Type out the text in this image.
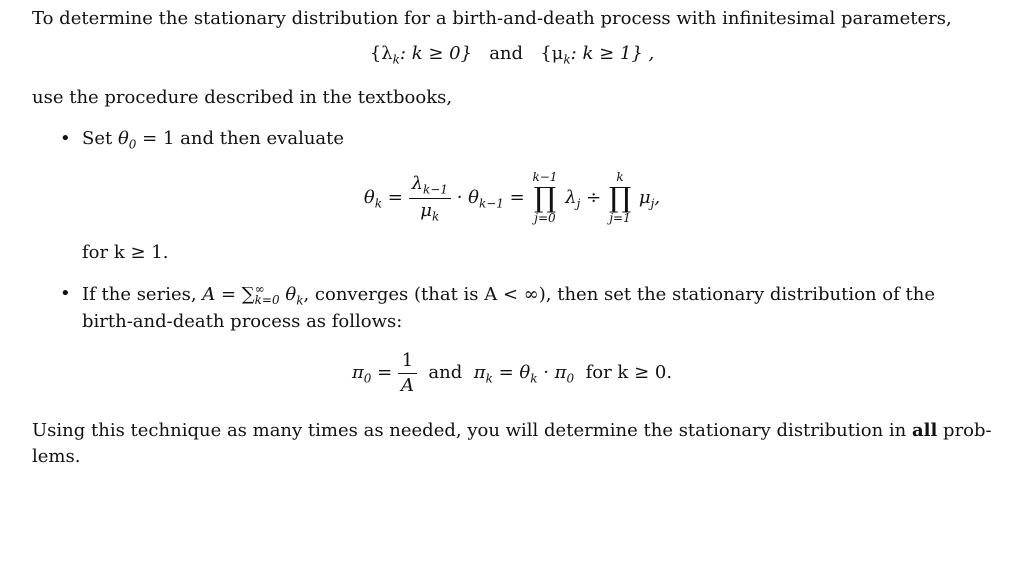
To determine the stationary distribution for a birth-and-death process with infinitesimal parameters,

{$\lambda_k$: k ≥ 0} and {$\mu_k$: k ≥ 1} ,

use the procedure described in the textbooks,

• Set $\theta_0 = 1$ and then evaluate
$\theta_k = \frac{\lambda_{k-1}}{\mu_k} \cdot \theta_{k-1}$ =
k−1
∏
j=0
$\lambda_j$ ÷
k
∏
j=1
$\mu_j$,

for k ≥ 1.

• If the series, $A = \sum^\infty_{k=0}$ $\theta_k$, converges (that is A < ∞), then set the stationary distribution of the
birth-and-death process as follows:
$\pi_0 = \frac{1}{A}$ and $\pi_k = \theta_k \cdot \pi_0$ for k ≥ 0.

Using this technique as many times as needed, you will determine the stationary distribution in all prob-
lems.
